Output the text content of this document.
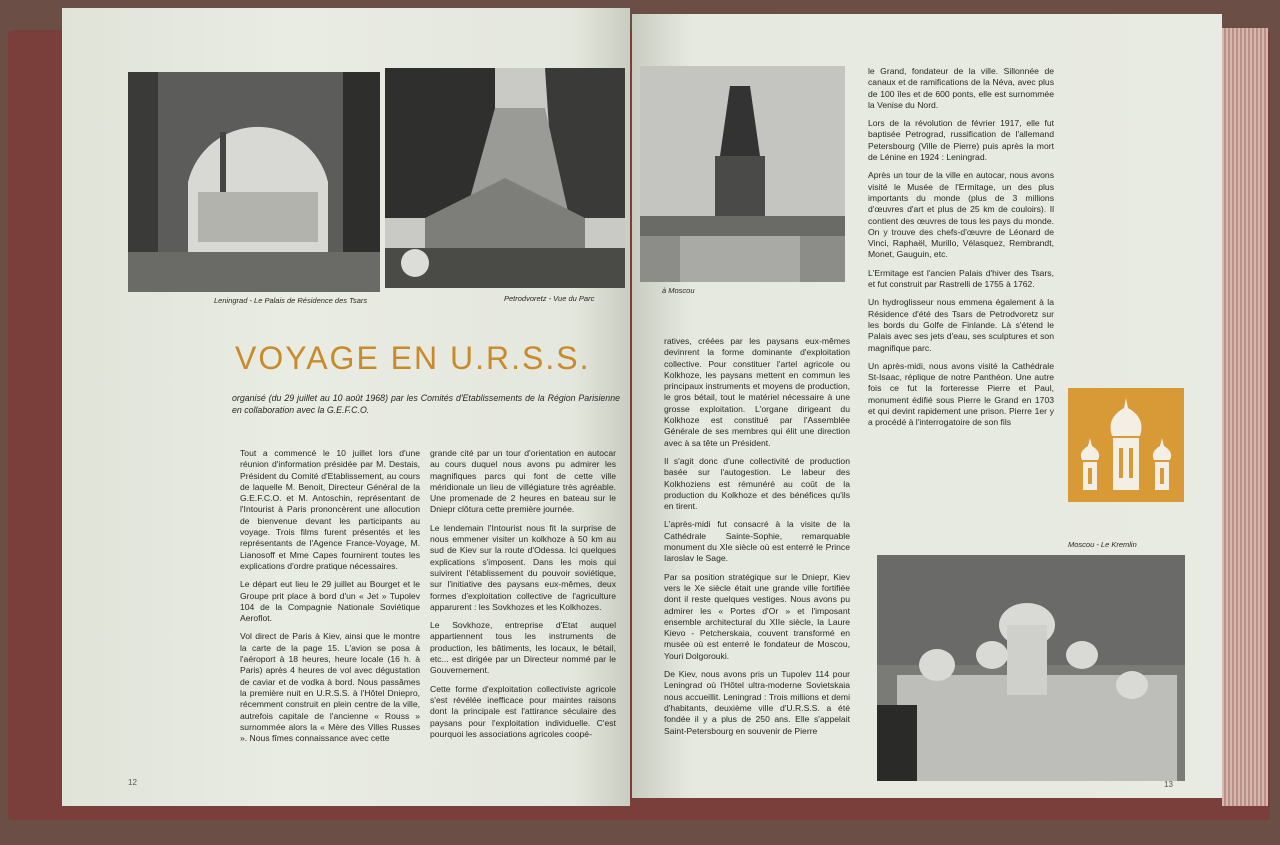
Leningrad - Le Palais de Résidence des Tsars	Petrodvoretz - Vue du Parc
à Moscou
Moscou - Le Kremlin
VOYAGE EN U.R.S.S.
organisé (du 29 juillet au 10 août 1968) par les Comités d'Etablissements de la Région Parisienne en collaboration avec la G.E.F.C.O.

Tout a commencé le 10 juillet lors d'une réunion d'information présidée par M. Destais, Président du Comité d'Etablissement, au cours de laquelle M. Benoit, Directeur Général de la G.E.F.C.O. et M. Antoschin, représentant de l'Intourist à Paris prononcèrent une allocution de bienvenue devant les participants au voyage. Trois films furent présentés et les représentants de l'Agence France-Voyage, M. Lianosoff et Mme Capes fournirent toutes les explications d'ordre pratique nécessaires.

Le départ eut lieu le 29 juillet au Bourget et le Groupe prit place à bord d'un « Jet » Tupolev 104 de la Compagnie Nationale Soviétique Aeroflot.

Vol direct de Paris à Kiev, ainsi que le montre la carte de la page 15. L'avion se posa à l'aéroport à 18 heures, heure locale (16 h. à Paris) après 4 heures de vol avec dégustation de caviar et de vodka à bord. Nous passâmes la première nuit en U.R.S.S. à l'Hôtel Dniepro, récemment construit en plein centre de la ville, autrefois capitale de l'ancienne « Rouss » surnommée alors la « Mère des Villes Russes ». Nous fîmes connaissance avec cette

grande cité par un tour d'orientation en autocar au cours duquel nous avons pu admirer les magnifiques parcs qui font de cette ville méridionale un lieu de villégiature très agréable. Une promenade de 2 heures en bateau sur le Dniepr clôtura cette première journée.

Le lendemain l'Intourist nous fit la surprise de nous emmener visiter un kolkhoze à 50 km au sud de Kiev sur la route d'Odessa. Ici quelques explications s'imposent. Dans les mois qui suivirent l'établissement du pouvoir soviétique, sur l'initiative des paysans eux-mêmes, deux formes d'exploitation collective de l'agriculture apparurent : les Sovkhozes et les Kolkhozes.

Le Sovkhoze, entreprise d'Etat auquel appartiennent tous les instruments de production, les bâtiments, les locaux, le bétail, etc... est dirigée par un Directeur nommé par le Gouvernement.

Cette forme d'exploitation collectiviste agricole s'est révélée inefficace pour maintes raisons dont la principale est l'attirance séculaire des paysans pour l'exploitation individuelle. C'est pourquoi les associations agricoles coopé-

ratives, créées par les paysans eux-mêmes devinrent la forme dominante d'exploitation collective. Pour constituer l'artel agricole ou Kolkhoze, les paysans mettent en commun les principaux instruments et moyens de production, le gros bétail, tout le matériel nécessaire à une grosse exploitation. L'organe dirigeant du Kolkhoze est constitué par l'Assemblée Générale de ses membres qui élit une direction avec à sa tête un Président.

Il s'agit donc d'une collectivité de production basée sur l'autogestion. Le labeur des Kolkhoziens est rémunéré au coût de la production du Kolkhoze et des bénéfices qu'ils en tirent.

L'après-midi fut consacré à la visite de la Cathédrale Sainte-Sophie, remarquable monument du XIe siècle où est enterré le Prince Iaroslav le Sage.

Par sa position stratégique sur le Dniepr, Kiev vers le Xe siècle était une grande ville fortifiée dont il reste quelques vestiges. Nous avons pu admirer les « Portes d'Or » et l'imposant ensemble architectural du XIIe siècle, la Laure Kievo - Petcherskaia, couvent transformé en musée où est enterré le fondateur de Moscou, Youri Dolgorouki.

De Kiev, nous avons pris un Tupolev 114 pour Leningrad où l'Hôtel ultra-moderne Sovietskaia nous accueillit. Leningrad : Trois millions et demi d'habitants, deuxième ville d'U.R.S.S. a été fondée il y a plus de 250 ans. Elle s'appelait Saint-Petersbourg en souvenir de Pierre

le Grand, fondateur de la ville. Sillonnée de canaux et de ramifications de la Néva, avec plus de 100 îles et de 600 ponts, elle est surnommée la Venise du Nord.

Lors de la révolution de février 1917, elle fut baptisée Petrograd, russification de l'allemand Petersbourg (Ville de Pierre) puis après la mort de Lénine en 1924 : Leningrad.

Après un tour de la ville en autocar, nous avons visité le Musée de l'Ermitage, un des plus importants du monde (plus de 3 millions d'œuvres d'art et plus de 25 km de couloirs). Il contient des œuvres de tous les pays du monde. On y trouve des chefs-d'œuvre de Léonard de Vinci, Raphaël, Murillo, Vélasquez, Rembrandt, Monet, Gauguin, etc.

L'Ermitage est l'ancien Palais d'hiver des Tsars, et fut construit par Rastrelli de 1755 à 1762.

Un hydroglisseur nous emmena également à la Résidence d'été des Tsars de Petrodvoretz sur les bords du Golfe de Finlande. Là s'étend le Palais avec ses jets d'eau, ses sculptures et son magnifique parc.

Un après-midi, nous avons visité la Cathédrale St-Isaac, réplique de notre Panthéon. Une autre fois ce fut la forteresse Pierre et Paul, monument édifié sous Pierre le Grand en 1703 et qui devint rapidement une prison. Pierre 1er y a procédé à l'interrogatoire de son fils

12	13
